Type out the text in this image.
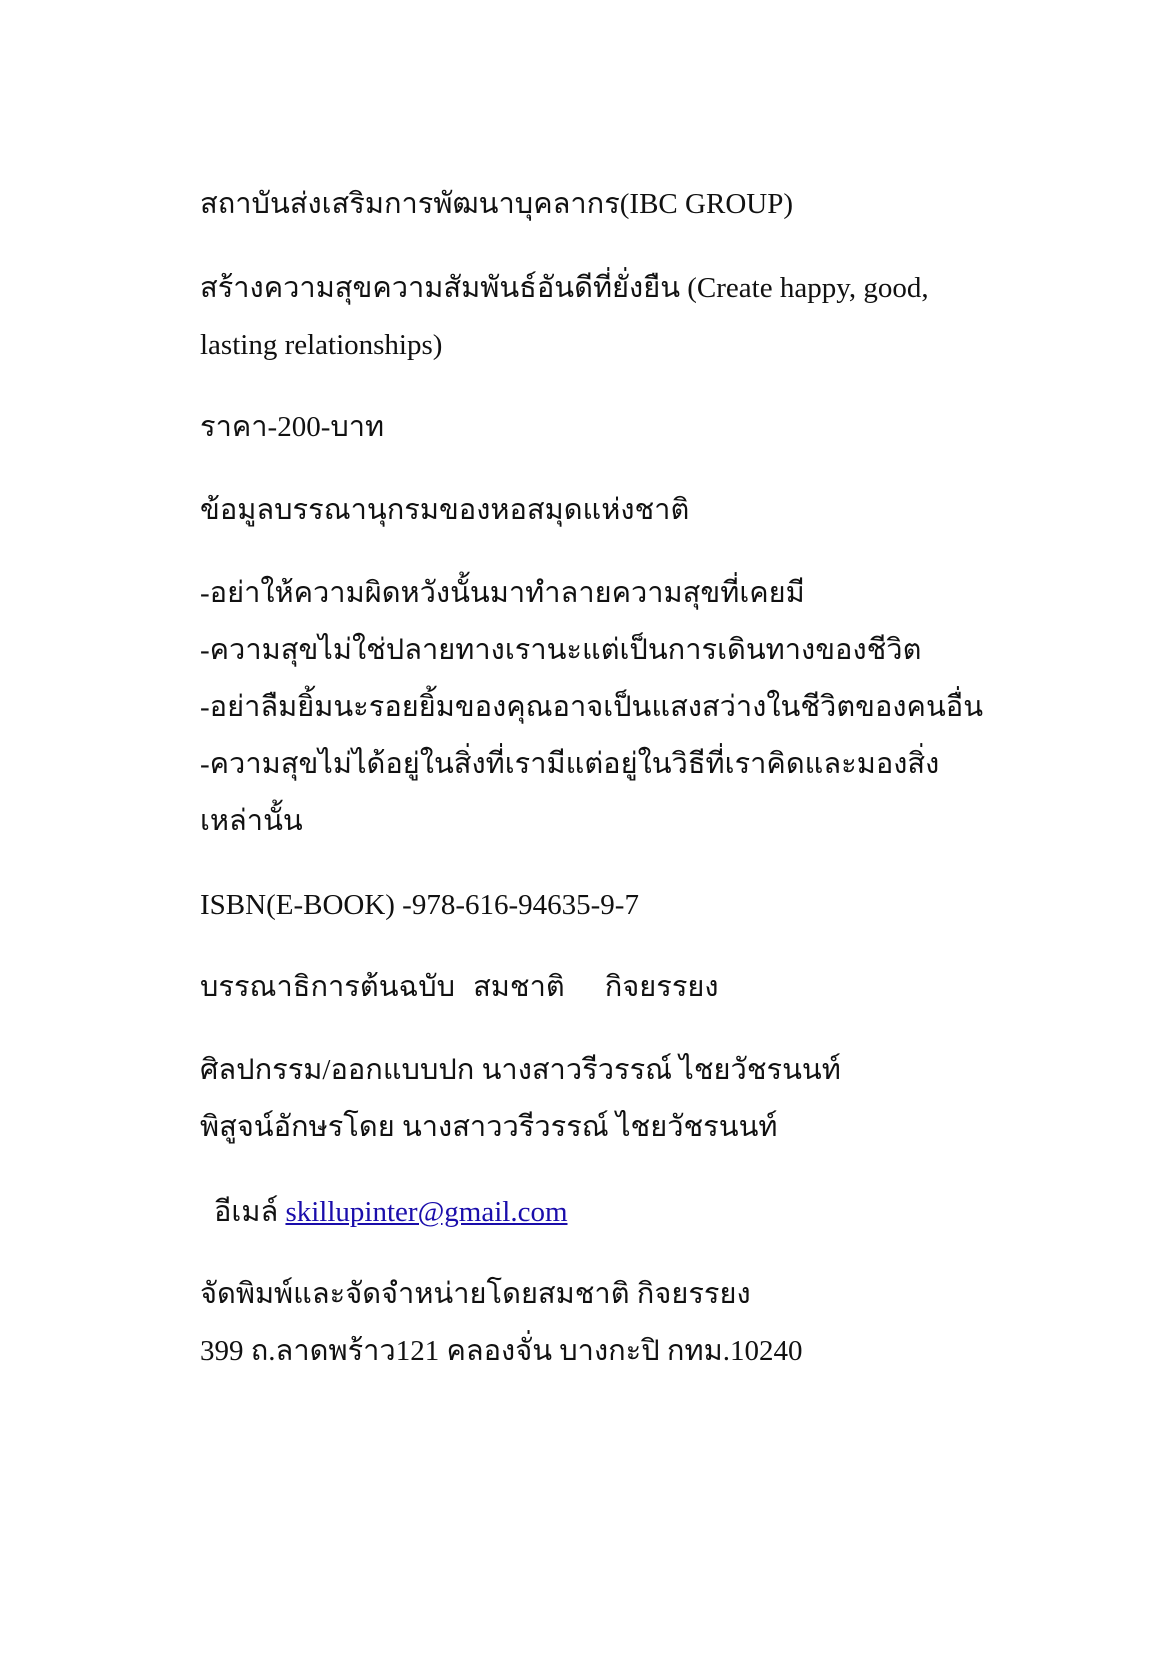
สถาบันส่งเสริมการพัฒนาบุคลากร(IBC GROUP)
สร้างความสุขความสัมพันธ์อันดีที่ยั่งยืน (Create happy, good,
lasting relationships)
ราคา-200-บาท
ข้อมูลบรรณานุกรมของหอสมุดแห่งชาติ
-อย่าให้ความผิดหวังนั้นมาทำลายความสุขที่เคยมี
-ความสุขไม่ใช่ปลายทางเรานะแต่เป็นการเดินทางของชีวิต
-อย่าลืมยิ้มนะรอยยิ้มของคุณอาจเป็นแสงสว่างในชีวิตของคนอื่น
-ความสุขไม่ได้อยู่ในสิ่งที่เรามีแต่อยู่ในวิธีที่เราคิดและมองสิ่ง
เหล่านั้น
ISBN(E-BOOK) -978-616-94635-9-7
บรรณาธิการต้นฉบับ สมชาติ กิจยรรยง
ศิลปกรรม/ออกแบบปก นางสาวรีวรรณ์ ไชยวัชรนนท์
พิสูจน์อักษรโดย นางสาววรีวรรณ์ ไชยวัชรนนท์
อีเมล์ skillupinter@gmail.com
จัดพิมพ์และจัดจำหน่ายโดยสมชาติ กิจยรรยง
399 ถ.ลาดพร้าว121 คลองจั่น บางกะปิ กทม.10240
